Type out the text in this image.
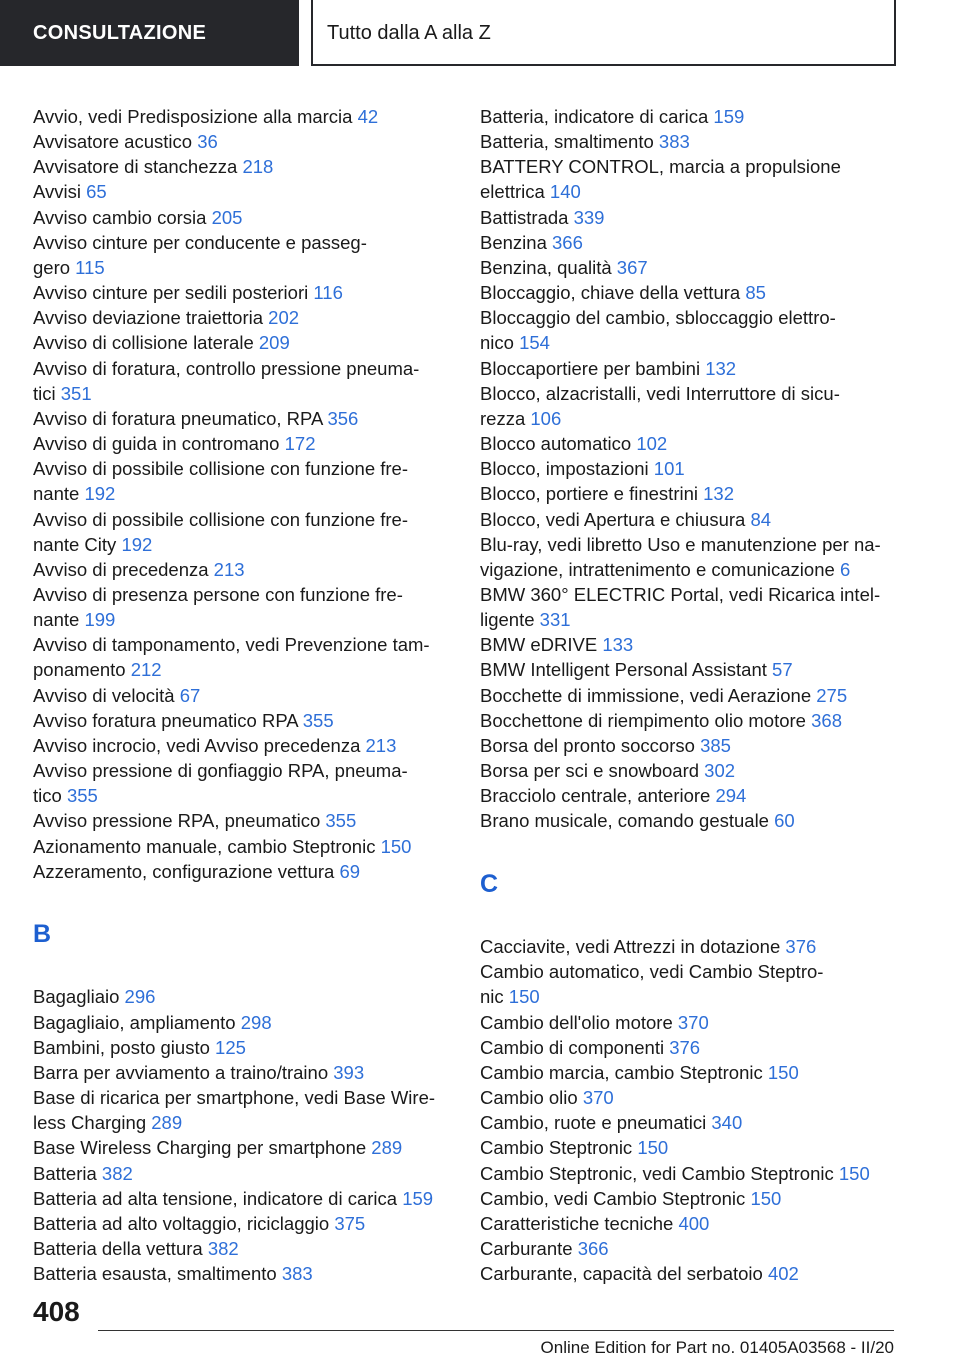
CONSULTAZIONE	Tutto dalla A alla Z
Avvio, vedi Predisposizione alla marcia 42
Avvisatore acustico 36
Avvisatore di stanchezza 218
Avvisi 65
Avviso cambio corsia 205
Avviso cinture per conducente e passeg-
gero 115
Avviso cinture per sedili posteriori 116
Avviso deviazione traiettoria 202
Avviso di collisione laterale 209
Avviso di foratura, controllo pressione pneuma-
tici 351
Avviso di foratura pneumatico, RPA 356
Avviso di guida in contromano 172
Avviso di possibile collisione con funzione fre-
nante 192
Avviso di possibile collisione con funzione fre-
nante City 192
Avviso di precedenza 213
Avviso di presenza persone con funzione fre-
nante 199
Avviso di tamponamento, vedi Prevenzione tam-
ponamento 212
Avviso di velocità 67
Avviso foratura pneumatico RPA 355
Avviso incrocio, vedi Avviso precedenza 213
Avviso pressione di gonfiaggio RPA, pneuma-
tico 355
Avviso pressione RPA, pneumatico 355
Azionamento manuale, cambio Steptronic 150
Azzeramento, configurazione vettura 69
B
Bagagliaio 296
Bagagliaio, ampliamento 298
Bambini, posto giusto 125
Barra per avviamento a traino/traino 393
Base di ricarica per smartphone, vedi Base Wire-
less Charging 289
Base Wireless Charging per smartphone 289
Batteria 382
Batteria ad alta tensione, indicatore di carica 159
Batteria ad alto voltaggio, riciclaggio 375
Batteria della vettura 382
Batteria esausta, smaltimento 383
Batteria, indicatore di carica 159
Batteria, smaltimento 383
BATTERY CONTROL, marcia a propulsione
elettrica 140
Battistrada 339
Benzina 366
Benzina, qualità 367
Bloccaggio, chiave della vettura 85
Bloccaggio del cambio, sbloccaggio elettro-
nico 154
Bloccaportiere per bambini 132
Blocco, alzacristalli, vedi Interruttore di sicu-
rezza 106
Blocco automatico 102
Blocco, impostazioni 101
Blocco, portiere e finestrini 132
Blocco, vedi Apertura e chiusura 84
Blu-ray, vedi libretto Uso e manutenzione per na-
vigazione, intrattenimento e comunicazione 6
BMW 360° ELECTRIC Portal, vedi Ricarica intel-
ligente 331
BMW eDRIVE 133
BMW Intelligent Personal Assistant 57
Bocchette di immissione, vedi Aerazione 275
Bocchettone di riempimento olio motore 368
Borsa del pronto soccorso 385
Borsa per sci e snowboard 302
Bracciolo centrale, anteriore 294
Brano musicale, comando gestuale 60
C
Cacciavite, vedi Attrezzi in dotazione 376
Cambio automatico, vedi Cambio Steptro-
nic 150
Cambio dell'olio motore 370
Cambio di componenti 376
Cambio marcia, cambio Steptronic 150
Cambio olio 370
Cambio, ruote e pneumatici 340
Cambio Steptronic 150
Cambio Steptronic, vedi Cambio Steptronic 150
Cambio, vedi Cambio Steptronic 150
Caratteristiche tecniche 400
Carburante 366
Carburante, capacità del serbatoio 402
408
Online Edition for Part no. 01405A03568 - II/20
